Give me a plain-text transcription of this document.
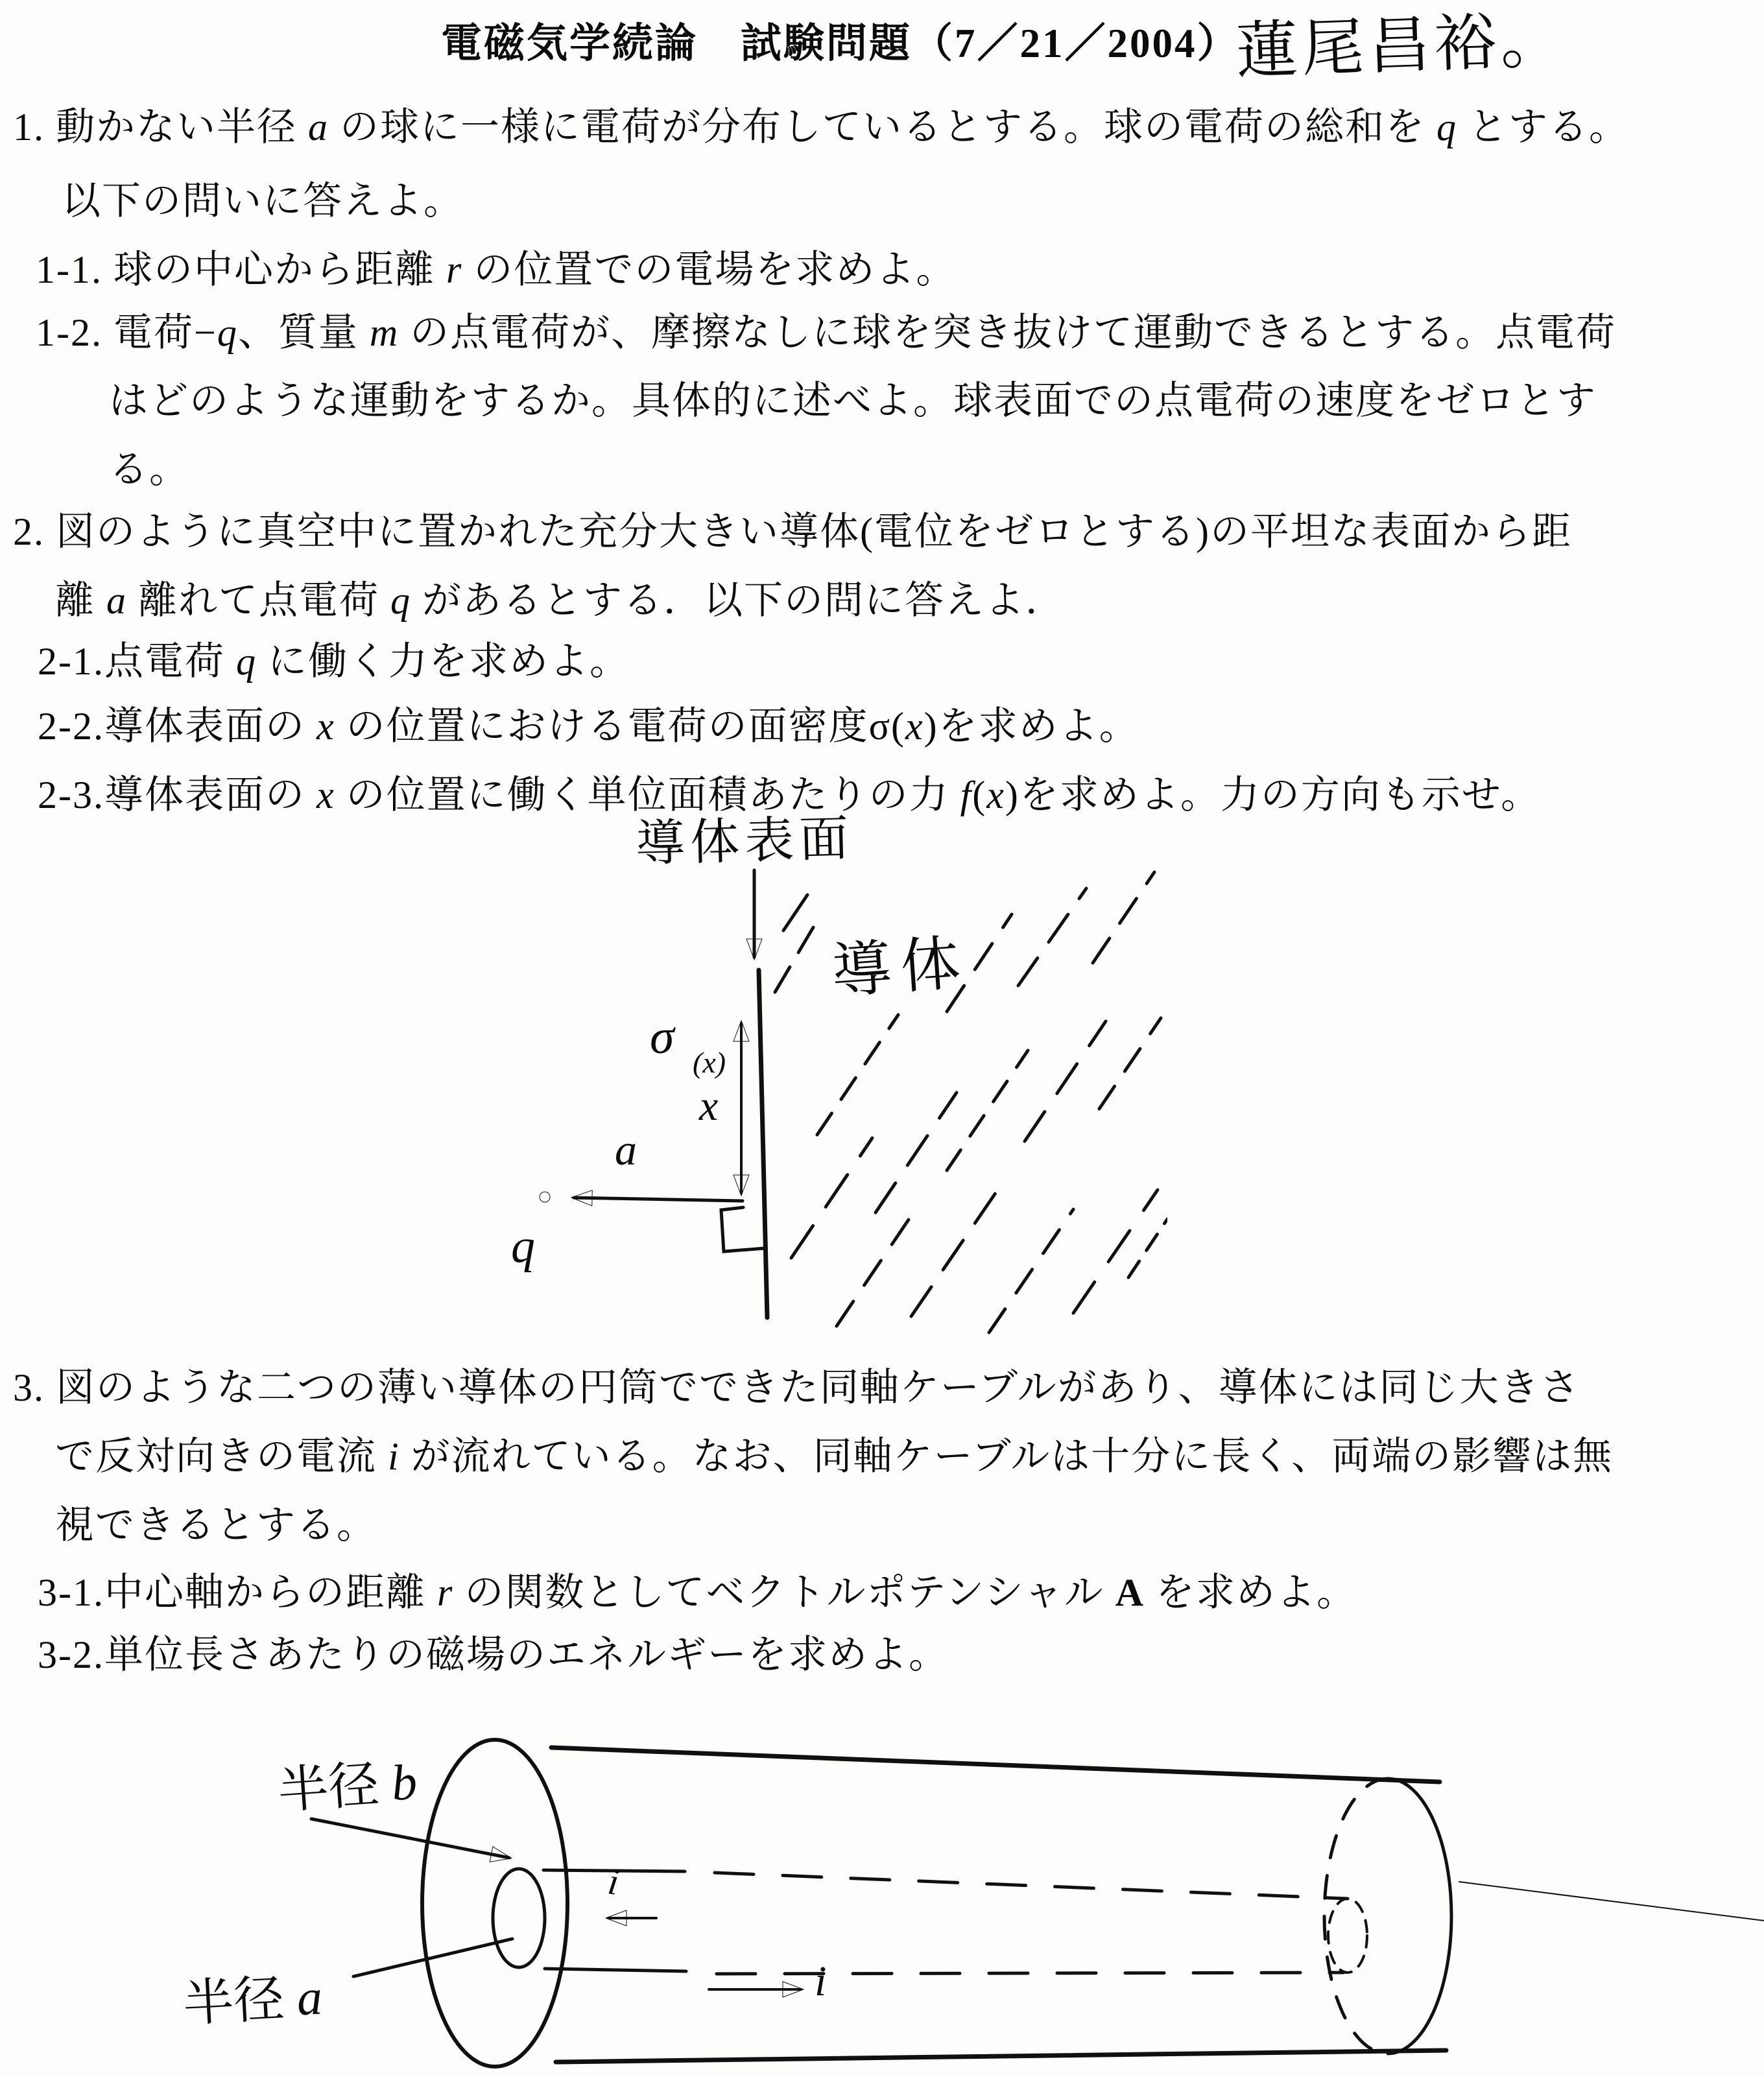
電磁気学続論　試験問題（7／21／2004）
蓮尾昌裕。
1. 動かない半径 a の球に一様に電荷が分布しているとする。球の電荷の総和を q とする。
以下の問いに答えよ。
1-1. 球の中心から距離 r の位置での電場を求めよ。
1-2. 電荷−q、質量 m の点電荷が、摩擦なしに球を突き抜けて運動できるとする。点電荷
はどのような運動をするか。具体的に述べよ。球表面での点電荷の速度をゼロとす
る。
2. 図のように真空中に置かれた充分大きい導体(電位をゼロとする)の平坦な表面から距
離 a 離れて点電荷 q があるとする．以下の問に答えよ．
2-1.点電荷 q に働く力を求めよ。
2-2.導体表面の x の位置における電荷の面密度σ(x)を求めよ。
2-3.導体表面の x の位置に働く単位面積あたりの力 f(x)を求めよ。力の方向も示せ。
3. 図のような二つの薄い導体の円筒でできた同軸ケーブルがあり、導体には同じ大きさ
で反対向きの電流 i が流れている。なお、同軸ケーブルは十分に長く、両端の影響は無
視できるとする。
3-1.中心軸からの距離 r の関数としてベクトルポテンシャル A を求めよ。
3-2.単位長さあたりの磁場のエネルギーを求めよ。
導体表面
導体
σ (x)
x
a
q
半径 b
半径 a
i
i
